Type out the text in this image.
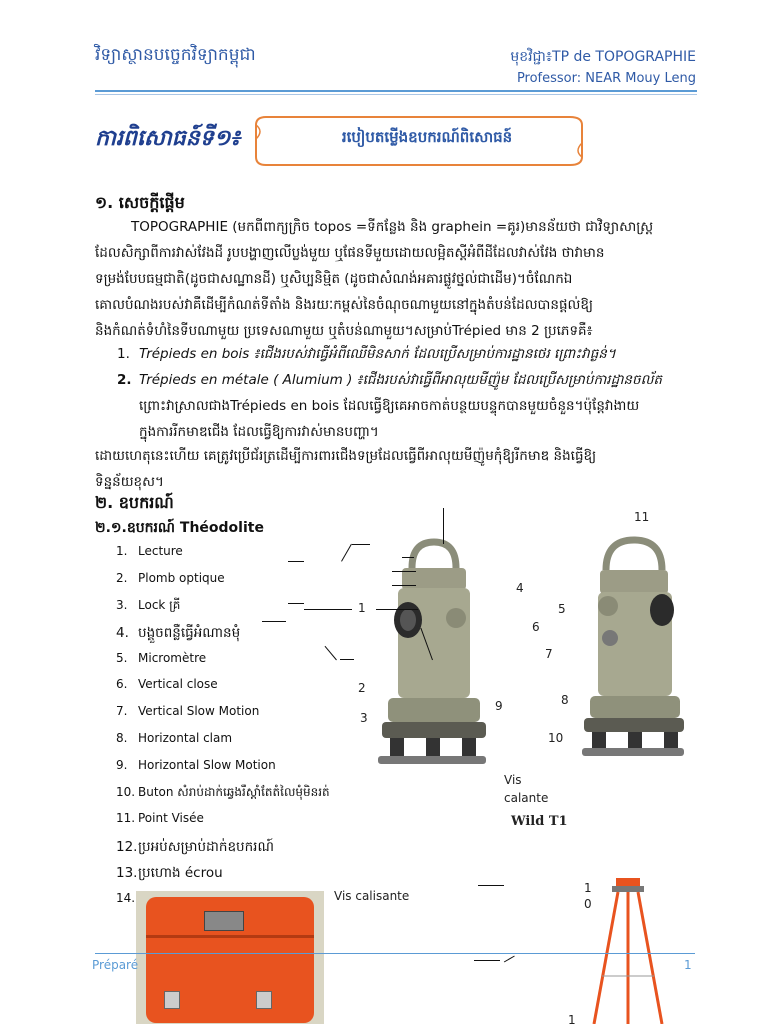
វិទ្យាស្ថានបច្ចេកវិទ្យាកម្ពុជា	មុខវិជ្ជា៖TP de TOPOGRAPHIE
Professor: NEAR Mouy Leng
ការពិសោធន៍ទី១៖	របៀបតម្លើងឧបករណ៍ពិសោធន៍
១. សេចក្តីផ្តើម
TOPOGRAPHIE (មកពីពាក្យក្រិច topos =ទីកន្លែង និង graphein =គូរ)មានន័យថា ជាវិទ្យាសាស្ត្រ
ដែលសិក្សាពីការវាស់វែងដី រូបបង្ហាញលើប្លង់មួយ ឬផែនទីមួយដោយលម្អិតស្តីអំពីដីដែលវាស់វែង ថាវាមាន
ទម្រង់បែបធម្មជាតិ(ដូចជាសណ្ឋានដី) ឬសិប្បនិម្មិត (ដូចជាសំណង់អគារផ្លូវថ្នល់ជាដើម)។ចំណែកឯ
គោលបំណងរបស់វាគឺដើម្បីកំណត់ទីតាំង និងរយៈកម្ពស់នៃចំណុចណាមួយនៅក្នុងតំបន់ដែលបានផ្តល់ឱ្យ
និងកំណត់ទំហំនៃទីបណាមួយ ប្រទេសណាមួយ ឬតំបន់ណាមួយ។សម្រាប់Trépied មាន 2 ប្រភេទគឺ៖
1. Trépieds en bois ៖ជើងរបស់វាធ្វើអំពីឈើមិនសាក់ ដែលប្រើសម្រាប់ការដ្ឋានថេរ ព្រោះវាធ្ងន់។
2. Trépieds en métale ( Alumium ) ៖ជើងរបស់វាធ្វើពីអាលុយមីញ៉ូម ដែលប្រើសម្រាប់ការដ្ឋានចល័ត
ព្រោះវាស្រាលជាងTrépieds en bois ដែលធ្វើឱ្យគេអាចកាត់បន្ថយបន្ទុកបានមួយចំនួន។ប៉ុន្តែវាងាយ
ក្នុងការរីកមាឌជើង ដែលធ្វើឱ្យការវាស់មានបញ្ហា។
ដោយហេតុនេះហើយ គេត្រូវប្រើជ័រត្រដើម្បីការពារជើងទម្រដែលធ្វើពីអាលុយមីញ៉ូមកុំឱ្យរីកមាឌ និងធ្វើឱ្យ
ទិន្នន័យខុស។
២. ឧបករណ៍
២.១.ឧបករណ៍ Théodolite
1. Lecture
2. Plomb optique
3. Lock គ្រី
4. បង្គួចពន្លឺធ្វើអំណានមុំ
5. Micromètre
6. Vertical close
7. Vertical Slow Motion
8. Horizontal clam
9. Horizontal Slow Motion
10. Buton សំរាប់ដាក់ឆ្វេងរឺស្តាំតែតំលៃមុំមិនរត់
11. Point Visée
12.ប្រអប់សម្រាប់ដាក់ឧបករណ៍
13.ប្រហោង écrou
14.	Vis calisante
1
2
3
4
5
6
7
8
9
10
11
Vis
calante
Wild T1
1
0
1
Préparé	1
